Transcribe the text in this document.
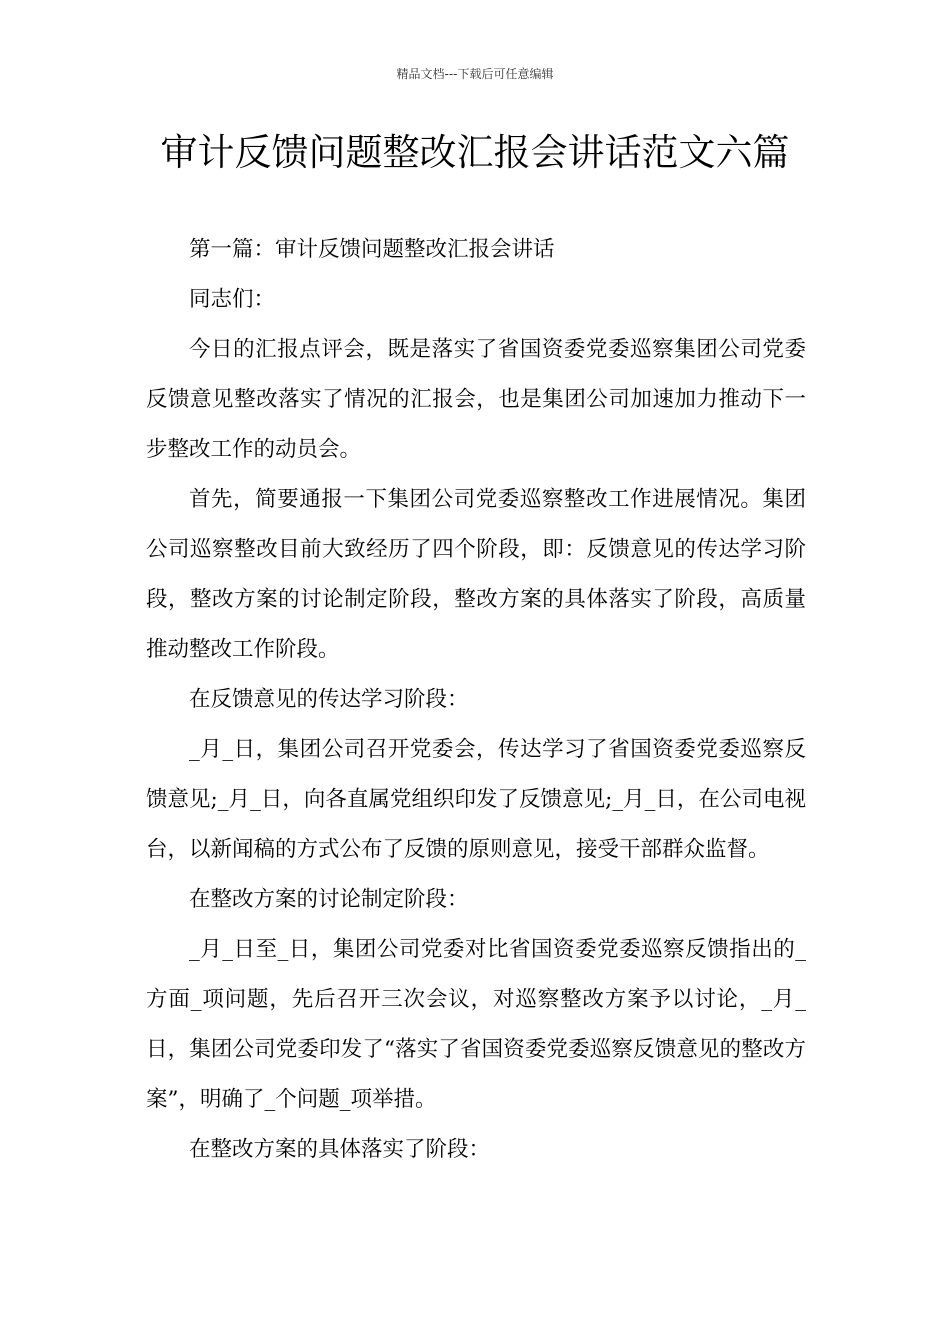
精品文档---下载后可任意编辑
审计反馈问题整改汇报会讲话范文六篇

第一篇：审计反馈问题整改汇报会讲话

同志们：

今日的汇报点评会，既是落实了省国资委党委巡察集团公司党委反馈意见整改落实了情况的汇报会，也是集团公司加速加力推动下一步整改工作的动员会。

首先，简要通报一下集团公司党委巡察整改工作进展情况。集团公司巡察整改目前大致经历了四个阶段，即：反馈意见的传达学习阶段，整改方案的讨论制定阶段，整改方案的具体落实了阶段，高质量推动整改工作阶段。

在反馈意见的传达学习阶段：

_月_日，集团公司召开党委会，传达学习了省国资委党委巡察反馈意见;_月_日，向各直属党组织印发了反馈意见;_月_日，在公司电视台，以新闻稿的方式公布了反馈的原则意见，接受干部群众监督。

在整改方案的讨论制定阶段：

_月_日至_日，集团公司党委对比省国资委党委巡察反馈指出的_方面_项问题，先后召开三次会议，对巡察整改方案予以讨论，_月_日，集团公司党委印发了“落实了省国资委党委巡察反馈意见的整改方案”，明确了_个问题_项举措。

在整改方案的具体落实了阶段：
